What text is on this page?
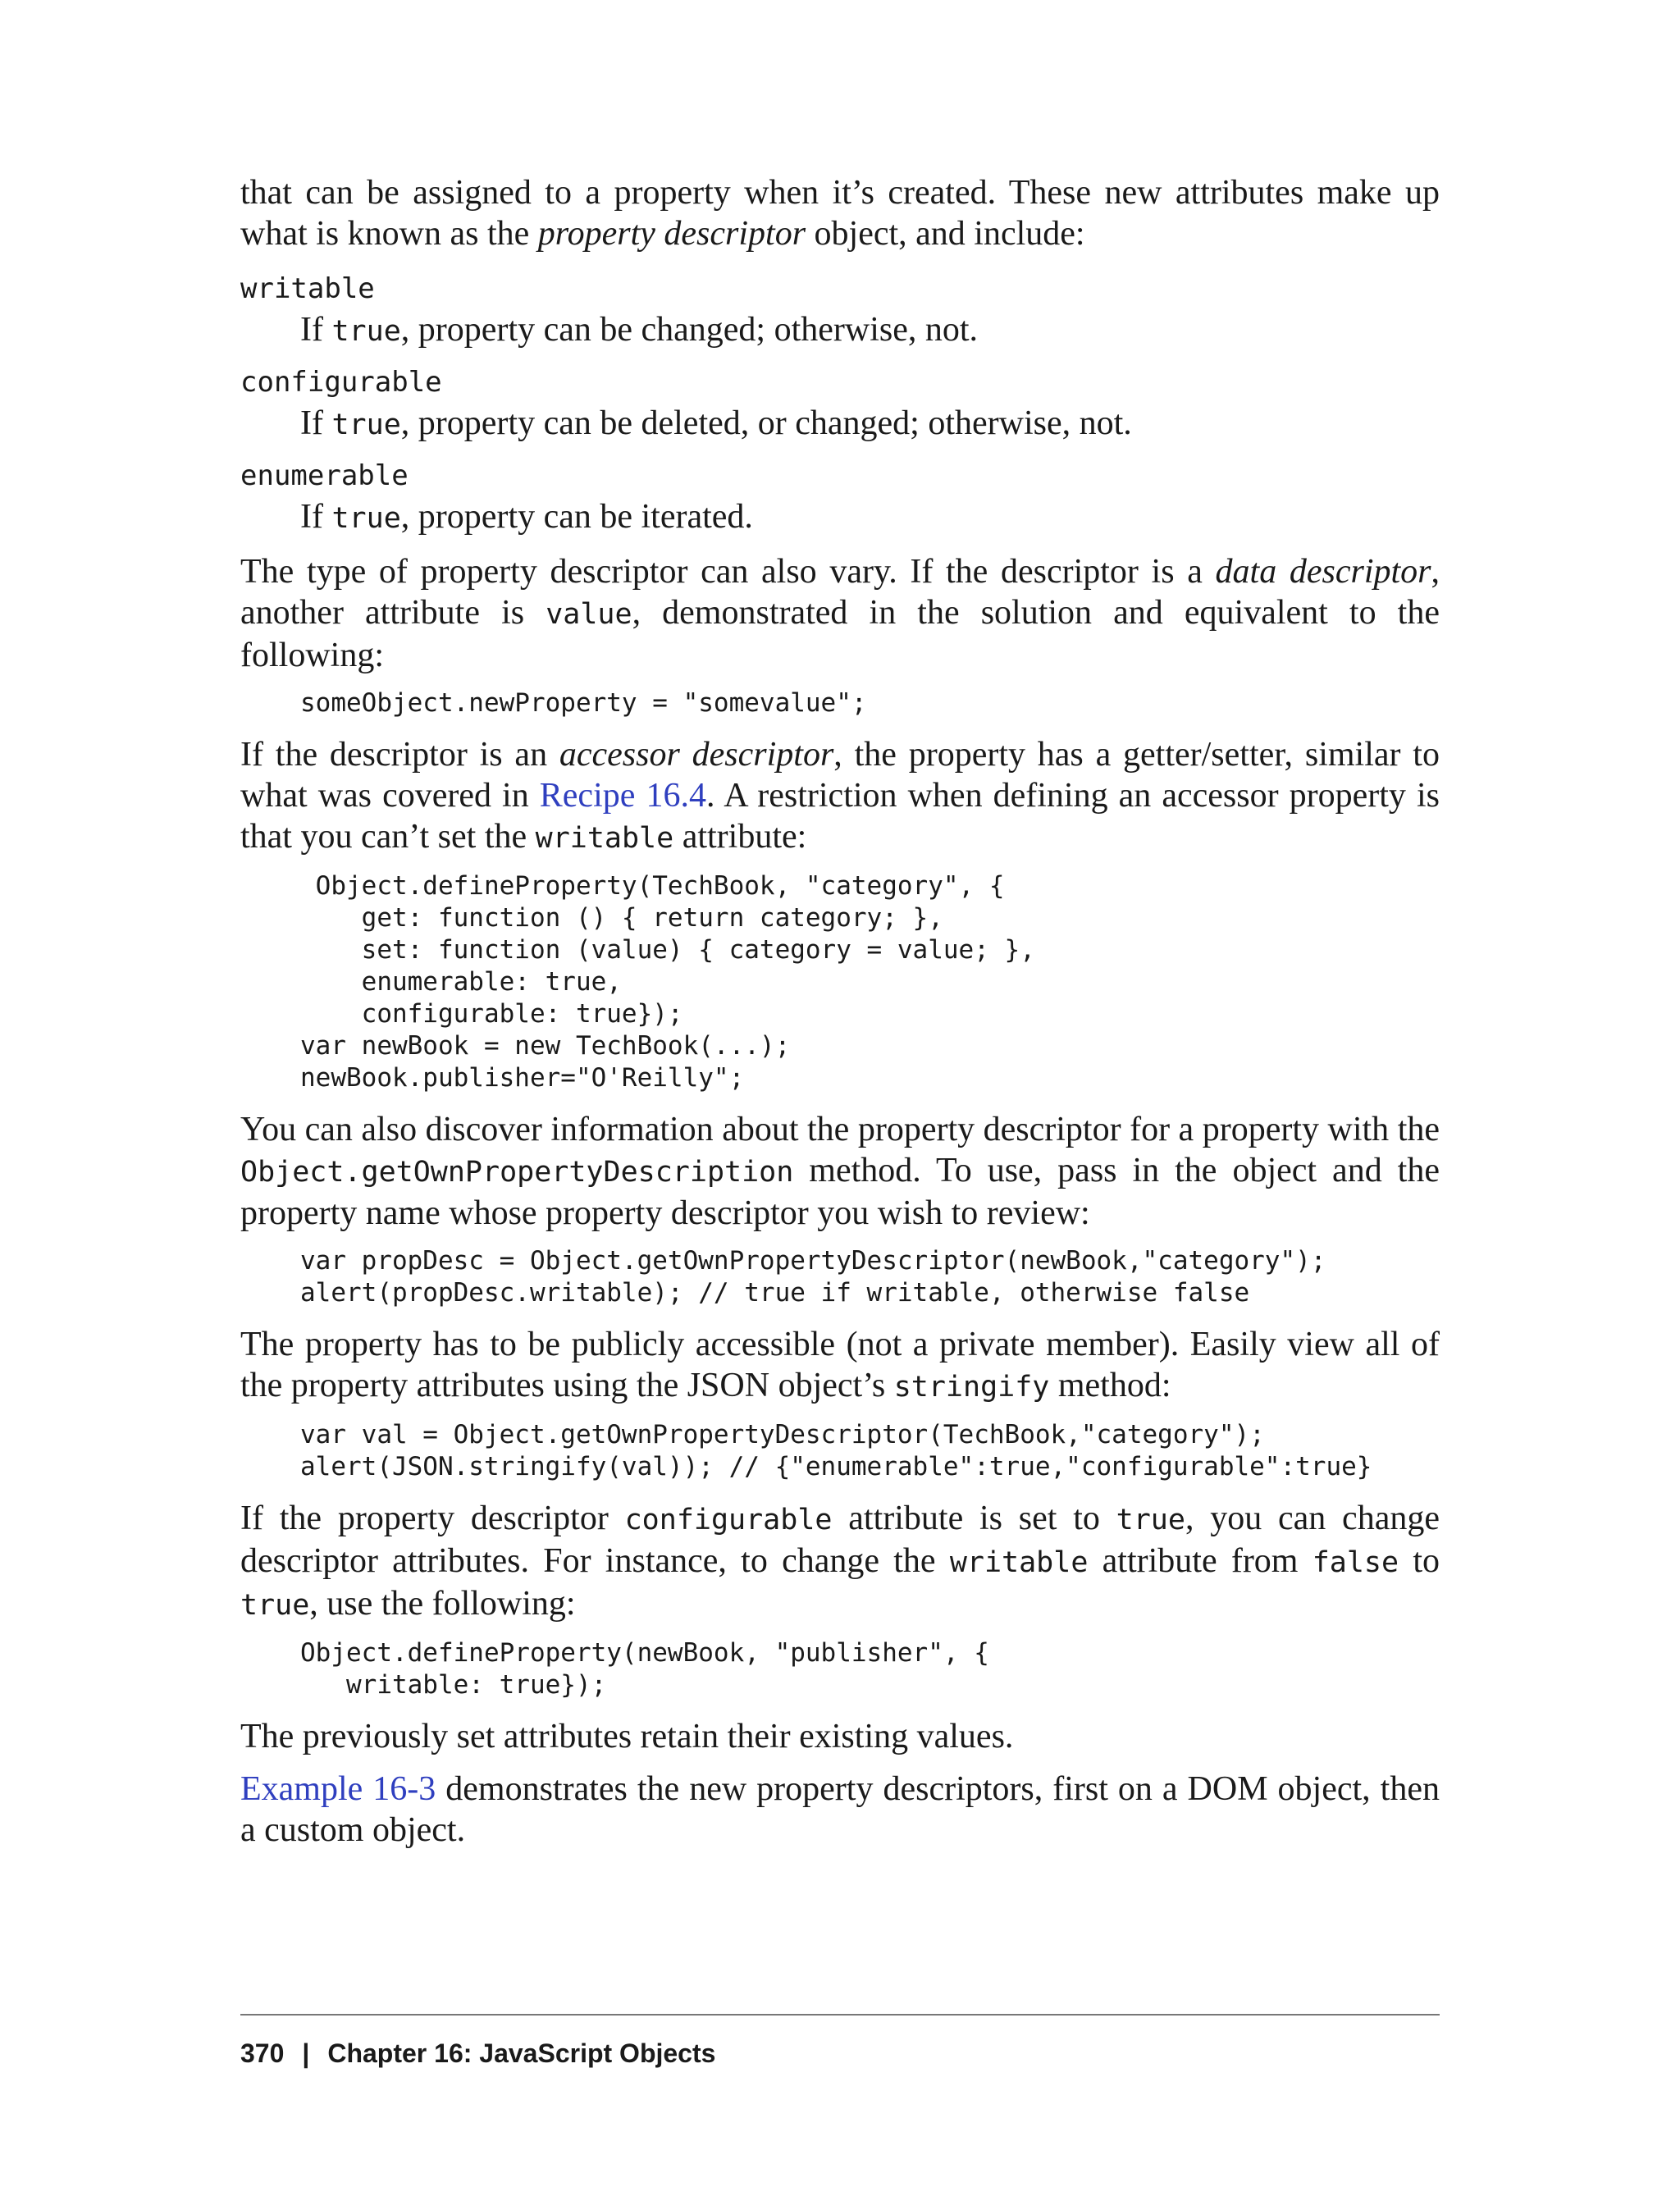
that can be assigned to a property when it’s created. These new attributes make up what is known as the property descriptor object, and include:

writable
If true, property can be changed; otherwise, not.
configurable
If true, property can be deleted, or changed; otherwise, not.
enumerable
If true, property can be iterated.

The type of property descriptor can also vary. If the descriptor is a data descriptor, another attribute is value, demonstrated in the solution and equivalent to the following:

someObject.newProperty = "somevalue";

If the descriptor is an accessor descriptor, the property has a getter/setter, similar to what was covered in Recipe 16.4. A restriction when defining an accessor property is that you can’t set the writable attribute:

Object.defineProperty(TechBook, "category", {
get: function () { return category; },
set: function (value) { category = value; },
enumerable: true,
configurable: true});
var newBook = new TechBook(...);
newBook.publisher="O'Reilly";

You can also discover information about the property descriptor for a property with the Object.getOwnPropertyDescription method. To use, pass in the object and the property name whose property descriptor you wish to review:

var propDesc = Object.getOwnPropertyDescriptor(newBook,"category");
alert(propDesc.writable); // true if writable, otherwise false

The property has to be publicly accessible (not a private member). Easily view all of the property attributes using the JSON object’s stringify method:

var val = Object.getOwnPropertyDescriptor(TechBook,"category");
alert(JSON.stringify(val)); // {"enumerable":true,"configurable":true}

If the property descriptor configurable attribute is set to true, you can change descriptor attributes. For instance, to change the writable attribute from false to true, use the following:

Object.defineProperty(newBook, "publisher", {
writable: true});

The previously set attributes retain their existing values.

Example 16-3 demonstrates the new property descriptors, first on a DOM object, then a custom object.

370 | Chapter 16: JavaScript Objects
